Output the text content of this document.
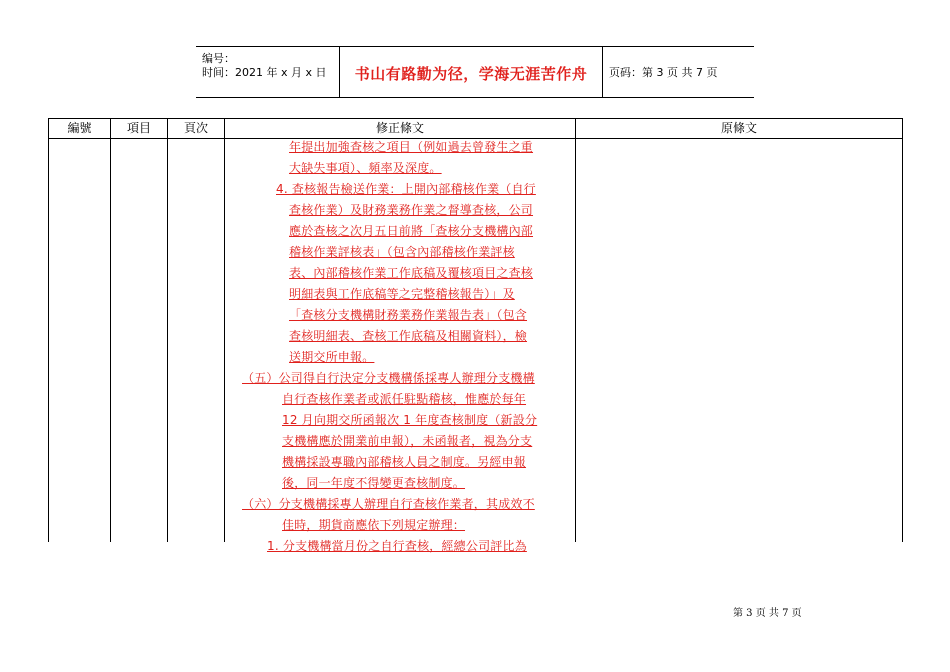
编号：
时间：2021 年 x 月 x 日	书山有路勤为径，学海无涯苦作舟	页码：第 3 页 共 7 页
編號	項目	頁次	修正條文	原條文
年提出加強查核之項目（例如過去曾發生之重
大缺失事項）、頻率及深度。
4. 查核報告檢送作業：上開內部稽核作業（自行
查核作業）及財務業務作業之督導查核，公司
應於查核之次月五日前將「查核分支機構內部
稽核作業評核表」（包含內部稽核作業評核
表、內部稽核作業工作底稿及覆核項目之查核
明細表與工作底稿等之完整稽核報告）」及
「查核分支機構財務業務作業報告表」（包含
查核明細表、查核工作底稿及相關資料），檢
送期交所申報。
（五）公司得自行決定分支機構係採專人辦理分支機構
自行查核作業者或派任駐點稽核，惟應於每年
12 月向期交所函報次 1 年度查核制度（新設分
支機構應於開業前申報），未函報者，視為分支
機構採設專職內部稽核人員之制度。另經申報
後，同一年度不得變更查核制度。
（六）分支機構採專人辦理自行查核作業者，其成效不
佳時，期貨商應依下列規定辦理：
1. 分支機構當月份之自行查核，經總公司評比為
第 3 页 共 7 页
